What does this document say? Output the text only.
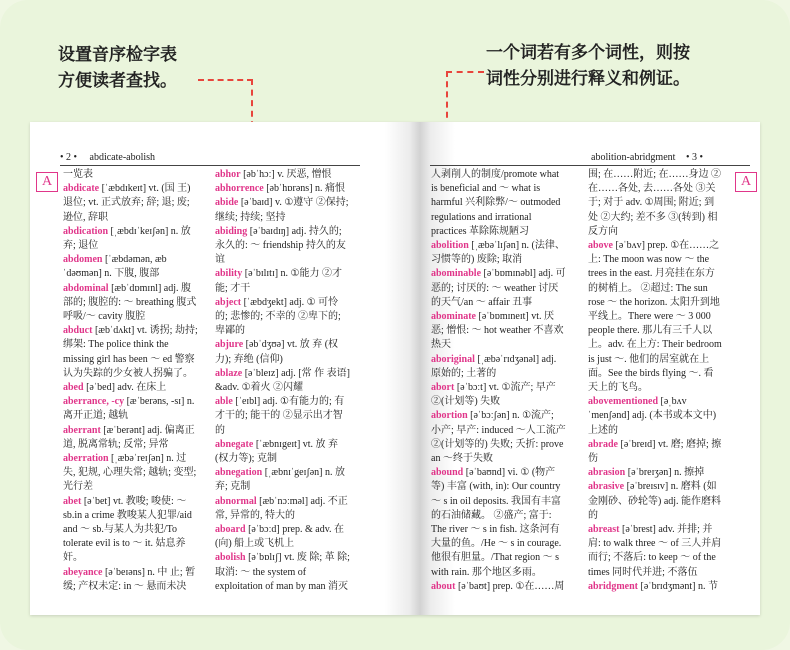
设置音序检字表
方便读者查找。
一个词若有多个词性，则按
词性分别进行释义和例证。
• 2 • abdicate-abolish
A	一览表
abdicate [ˈæbdɪkeɪt] vt. (国 王) 退位; vt. 正式放弃; 辞; 退; 废; 逊位, 辞职
abdication [ˌæbdɪˈkeɪʃən] n. 放弃; 退位
abdomen [ˈæbdəmən, æbˈdəʊmən] n. 下腹, 腹部
abdominal [æbˈdɒmɪnl] adj. 腹部的; 腹腔的: ～ breathing 腹式呼吸/～ cavity 腹腔
abduct [æbˈdʌkt] vt. 诱拐; 劫持; 绑架: The police think the missing girl has been ～ ed 警察认为失踪的少女被人拐骗了。
abed [əˈbed] adv. 在床上
aberrance, -cy [æˈberəns, -sɪ] n. 离开正道; 越轨
aberrant [æˈberənt] adj. 偏离正道, 脱离常轨; 反常; 异常
aberration [ˌæbəˈreɪʃən] n. 过失, 犯规, 心理失常; 越轨; 变型; 光行差
abet [əˈbet] vt. 教唆; 唆使: ～ sb.in a crime 教唆某人犯罪/aid and ～ sb.与某人为共犯/To tolerate evil is to ～ it. 姑息养奸。
abeyance [əˈbeɪəns] n. 中 止; 暂缓; 产权未定: in ～ 悬而未决
abhor [əbˈhɔː] v. 厌恶, 憎恨
abhorrence [əbˈhɒrəns] n. 痛恨
abide [əˈbaɪd] v. ①遵守 ②保持; 继续; 持续; 坚持
abiding [əˈbaɪdɪŋ] adj. 持久的; 永久的: ～ friendship 持久的友谊
ability [əˈbɪlɪtɪ] n. ①能力 ②才能; 才干
abject [ˈæbdʒekt] adj. ① 可怜的; 悲惨的; 不幸的 ②卑下的; 卑鄙的
abjure [əbˈdʒʊə] vt. 放 弃 (权力); 弃绝 (信仰)
ablaze [əˈbleɪz] adj. [常 作 表语] &adv. ①着火 ②闪耀
able [ˈeɪbl] adj. ①有能力的; 有才干的; 能干的 ②显示出才智的
abnegate [ˈæbnɪgeɪt] vt. 放 弃 (权力等); 克制
abnegation [ˌæbnɪˈgeɪʃən] n. 放弃; 克制
abnormal [æbˈnɔːməl] adj. 不正常, 异常的, 特大的
aboard [əˈbɔːd] prep. & adv. 在 (向) 船上或飞机上
abolish [əˈbɒlɪʃ] vt. 废 除; 革 除; 取消: ～ the system of exploitation of man by man 消灭
abolition-abridgment • 3 •
A
人剥削人的制度/promote what is beneficial and ～ what is harmful 兴利除弊/～ outmoded regulations and irrational practices 革除陈规陋习
abolition [ˌæbəˈlɪʃən] n. (法律、习惯等的) 废除; 取消
abominable [əˈbɒmɪnəbl] adj. 可恶的; 讨厌的: ～ weather 讨厌的天气/an ～ affair 丑事
abominate [əˈbɒmɪneɪt] vt. 厌恶; 憎恨: ～ hot weather 不喜欢热天
aboriginal [ˌæbəˈrɪdʒənəl] adj. 原始的; 土著的
abort [əˈbɔːt] vt. ①流产; 早产 ②(计划等) 失败
abortion [əˈbɔːʃən] n. ①流产; 小产; 早产: induced ～人工流产 ②(计划等的) 失败; 夭折: prove an ～终于失败
abound [əˈbaʊnd] vi. ① (物产等) 丰富 (with, in): Our country ～ s in oil deposits. 我国有丰富的石油储藏。 ②盛产; 富于: The river ～ s in fish. 这条河有大量的鱼。/He ～ s in courage. 他很有胆量。/That region ～ s with rain. 那个地区多雨。
about [əˈbaʊt] prep. ①在……周
围; 在……附近; 在……身边 ②在……各处, 去……各处 ③关于; 对于 adv. ①周围; 附近; 到处 ②大约; 差不多 ③(转到) 相反方向
above [əˈbʌv] prep. ①在……之上: The moon was now ～ the trees in the east. 月亮挂在东方的树梢上。 ②超过: The sun rose ～ the horizon. 太阳升到地平线上。There were ～ 3 000 people there. 那儿有三千人以上。adv. 在上方: Their bedroom is just ～. 他们的居室就在上面。See the birds flying ～. 看天上的飞鸟。
abovementioned [əˌbʌvˈmenʃənd] adj. (本书或本文中) 上述的
abrade [əˈbreɪd] vt. 磨; 磨掉; 擦伤
abrasion [əˈbreɪʒən] n. 擦掉
abrasive [əˈbreɪsɪv] n. 磨料 (如金刚砂、砂轮等) adj. 能作磨料的
abreast [əˈbrest] adv. 并排; 并肩: to walk three ～ of 三人并肩而行; 不落后: to keep ～ of the times 同时代并进; 不落伍
abridgment [əˈbrɪdʒmənt] n. 节
